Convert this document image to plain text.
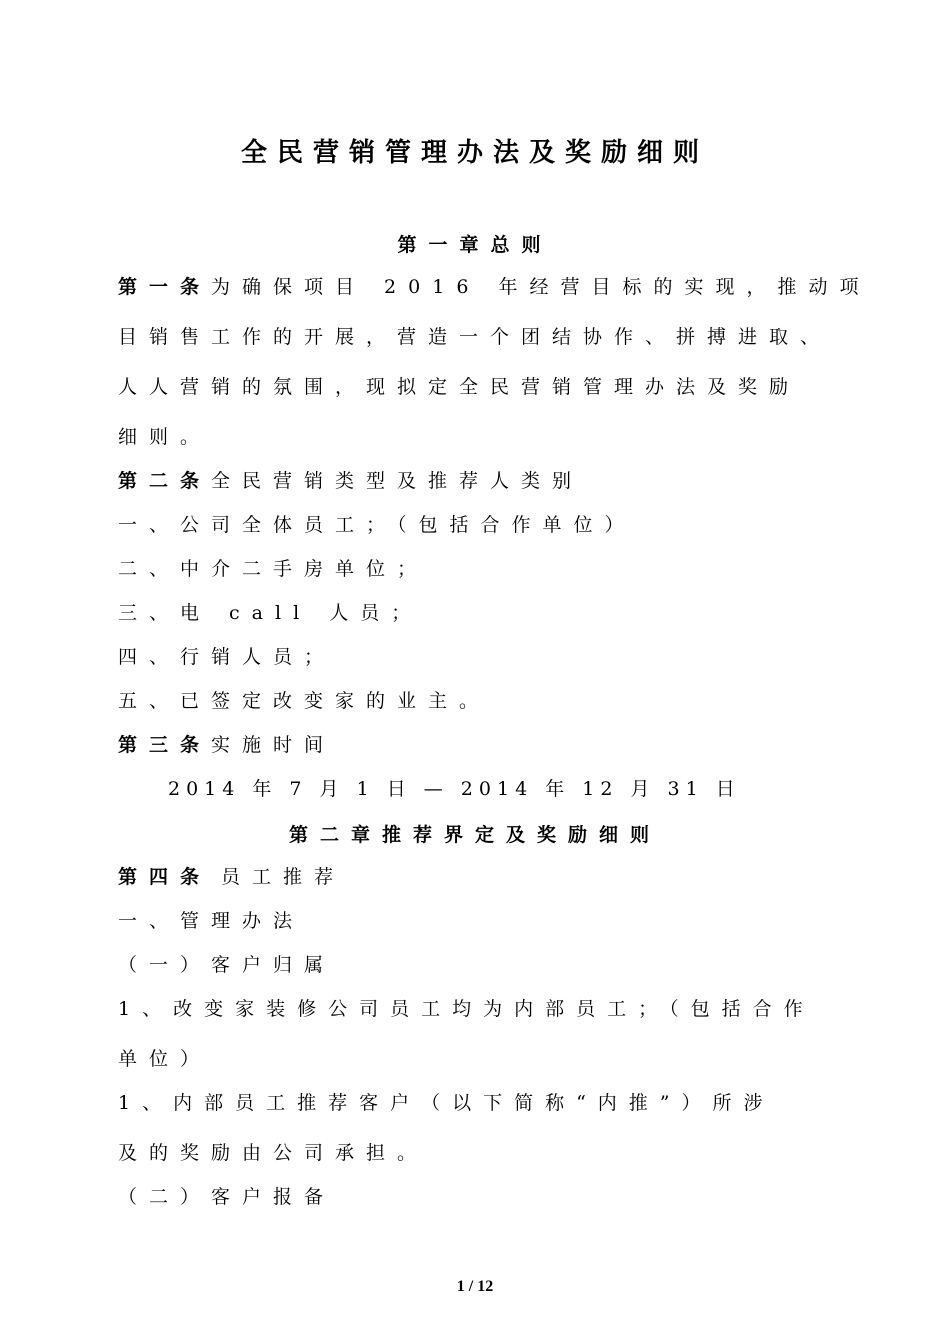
全民营销管理办法及奖励细则
第一章总则
第一条为确保项目 2016 年经营目标的实现，推动项
目销售工作的开展，营造一个团结协作、拼搏进取、
人人营销的氛围，现拟定全民营销管理办法及奖励
细则。
第二条全民营销类型及推荐人类别
一、公司全体员工；（包括合作单位）
二、中介二手房单位；
三、电 call 人员；
四、行销人员；
五、已签定改变家的业主。
第三条实施时间
2014 年 7 月 1 日 — 2014 年 12 月 31 日
第二章推荐界定及奖励细则
第四条 员工推荐
一、管理办法
（一）客户归属
1、改变家装修公司员工均为内部员工；（包括合作
单位）
1、内部员工推荐客户（以下简称“内推”）所涉
及的奖励由公司承担。
（二）客户报备
1 / 12
